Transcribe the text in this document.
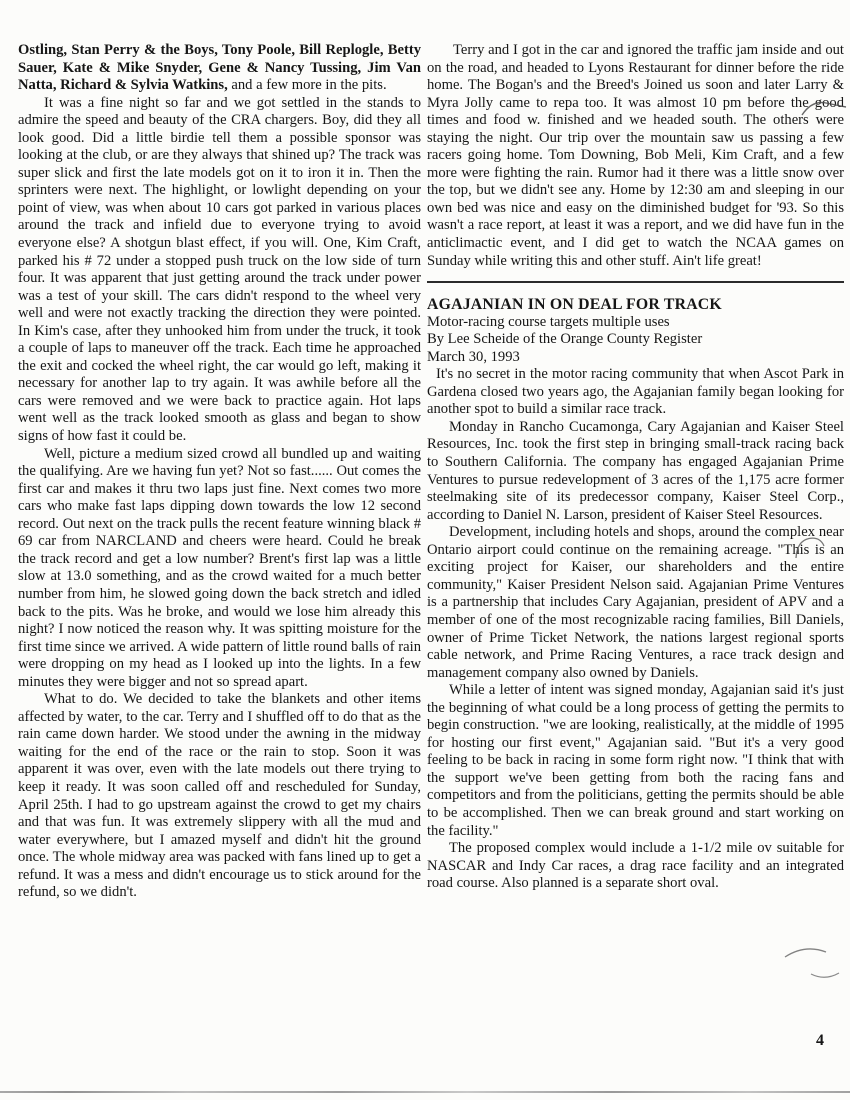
Ostling, Stan Perry & the Boys, Tony Poole, Bill Replogle, Betty Sauer, Kate & Mike Snyder, Gene & Nancy Tussing, Jim Van Natta, Richard & Sylvia Watkins, and a few more in the pits.

It was a fine night so far and we got settled in the stands to admire the speed and beauty of the CRA chargers. Boy, did they all look good. Did a little birdie tell them a possible sponsor was looking at the club, or are they always that shined up? The track was super slick and first the late models got on it to iron it in. Then the sprinters were next. The highlight, or lowlight depending on your point of view, was when about 10 cars got parked in various places around the track and infield due to everyone trying to avoid everyone else? A shotgun blast effect, if you will. One, Kim Craft, parked his # 72 under a stopped push truck on the low side of turn four. It was apparent that just getting around the track under power was a test of your skill. The cars didn't respond to the wheel very well and were not exactly tracking the direction they were pointed. In Kim's case, after they unhooked him from under the truck, it took a couple of laps to maneuver off the track. Each time he approached the exit and cocked the wheel right, the car would go left, making it necessary for another lap to try again. It was awhile before all the cars were removed and we were back to practice again. Hot laps went well as the track looked smooth as glass and began to show signs of how fast it could be.

Well, picture a medium sized crowd all bundled up and waiting the qualifying. Are we having fun yet? Not so fast...... Out comes the first car and makes it thru two laps just fine. Next comes two more cars who make fast laps dipping down towards the low 12 second record. Out next on the track pulls the recent feature winning black # 69 car from NARCLAND and cheers were heard. Could he break the track record and get a low number? Brent's first lap was a little slow at 13.0 something, and as the crowd waited for a much better number from him, he slowed going down the back stretch and idled back to the pits. Was he broke, and would we lose him already this night? I now noticed the reason why. It was spitting moisture for the first time since we arrived. A wide pattern of little round balls of rain were dropping on my head as I looked up into the lights. In a few minutes they were bigger and not so spread apart.

What to do. We decided to take the blankets and other items affected by water, to the car. Terry and I shuffled off to do that as the rain came down harder. We stood under the awning in the midway waiting for the end of the race or the rain to stop. Soon it was apparent it was over, even with the late models out there trying to keep it ready. It was soon called off and rescheduled for Sunday, April 25th. I had to go upstream against the crowd to get my chairs and that was fun. It was extremely slippery with all the mud and water everywhere, but I amazed myself and didn't hit the ground once. The whole midway area was packed with fans lined up to get a refund. It was a mess and didn't encourage us to stick around for the refund, so we didn't.

Terry and I got in the car and ignored the traffic jam inside and out on the road, and headed to Lyons Restaurant for dinner before the ride home. The Bogan's and the Breed's Joined us soon and later Larry & Myra Jolly came to repa too. It was almost 10 pm before the good times and food w. finished and we headed south. The others were staying the night. Our trip over the mountain saw us passing a few racers going home. Tom Downing, Bob Meli, Kim Craft, and a few more were fighting the rain. Rumor had it there was a little snow over the top, but we didn't see any. Home by 12:30 am and sleeping in our own bed was nice and easy on the diminished budget for '93. So this wasn't a race report, at least it was a report, and we did have fun in the anticlimactic event, and I did get to watch the NCAA games on Sunday while writing this and other stuff. Ain't life great!

AGAJANIAN IN ON DEAL FOR TRACK

Motor-racing course targets multiple uses

By Lee Scheide of the Orange County Register

March 30, 1993

It's no secret in the motor racing community that when Ascot Park in Gardena closed two years ago, the Agajanian family began looking for another spot to build a similar race track.

Monday in Rancho Cucamonga, Cary Agajanian and Kaiser Steel Resources, Inc. took the first step in bringing small-track racing back to Southern California. The company has engaged Agajanian Prime Ventures to pursue redevelopment of 3 acres of the 1,175 acre former steelmaking site of its predecessor company, Kaiser Steel Corp., according to Daniel N. Larson, president of Kaiser Steel Resources.

Development, including hotels and shops, around the complex near Ontario airport could continue on the remaining acreage. "This is an exciting project for Kaiser, our shareholders and the entire community," Kaiser President Nelson said. Agajanian Prime Ventures is a partnership that includes Cary Agajanian, president of APV and a member of one of the most recognizable racing families, Bill Daniels, owner of Prime Ticket Network, the nations largest regional sports cable network, and Prime Racing Ventures, a race track design and management company also owned by Daniels.

While a letter of intent was signed monday, Agajanian said it's just the beginning of what could be a long process of getting the permits to begin construction. "we are looking, realistically, at the middle of 1995 for hosting our first event," Agajanian said. "But it's a very good feeling to be back in racing in some form right now. "I think that with the support we've been getting from both the racing fans and competitors and from the politicians, getting the permits should be able to be accomplished. Then we can break ground and start working on the facility."

The proposed complex would include a 1-1/2 mile ov suitable for NASCAR and Indy Car races, a drag race facility and an integrated road course. Also planned is a separate short oval.

4
